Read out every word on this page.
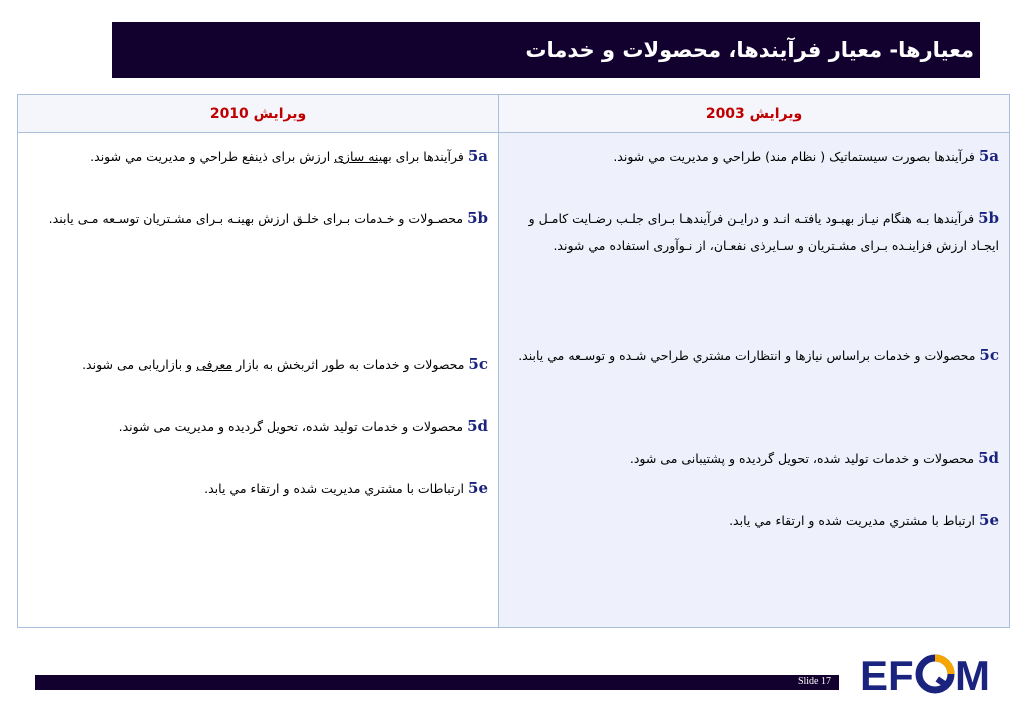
معیارها- معیار فرآیندها، محصولات و خدمات
ويرايش 2010
5aفرآیندها برای بهینه سازی ارزش برای ذینفع طراحي و مديريت مي شوند.
5bمحصـولات و خـدمات بـرای خلـق ارزش بهینـه بـرای مشـتریان توسـعه مـی یابند.
5cمحصولات و خدمات به طور اثربخش به بازار معرفی و بازاریابی می شوند.
5dمحصولات و خدمات توليد شده، تحویل گردیده و مدیریت می شوند.
5eارتباطات با مشتري مديريت شده و ارتقاء مي يابد.
ويرايش 2003
5aفرآيندها بصورت سيستماتيک ( نظام مند) طراحي و مديريت مي شوند.
5bفرآیندها بـه هنگام نیـاز بهبـود یافتـه انـد و درایـن فرآیندهـا بـرای جلـب رضـایت کامـل و ايجـاد ارزش فزاینـده بـرای مشـتریان و سـایرذی نفعـان، از نـوآوری استفاده مي شوند.
5cمحصولات و خدمات براساس نيازها و انتظارات مشتري طراحي شـده و توسـعه مي يابند.
5dمحصولات و خدمات توليد شده، تحويل گرديده و پشتيبانی می شود.
5eارتباط با مشتري مديريت شده و ارتقاء مي يابد.
Slide 17 EF M
